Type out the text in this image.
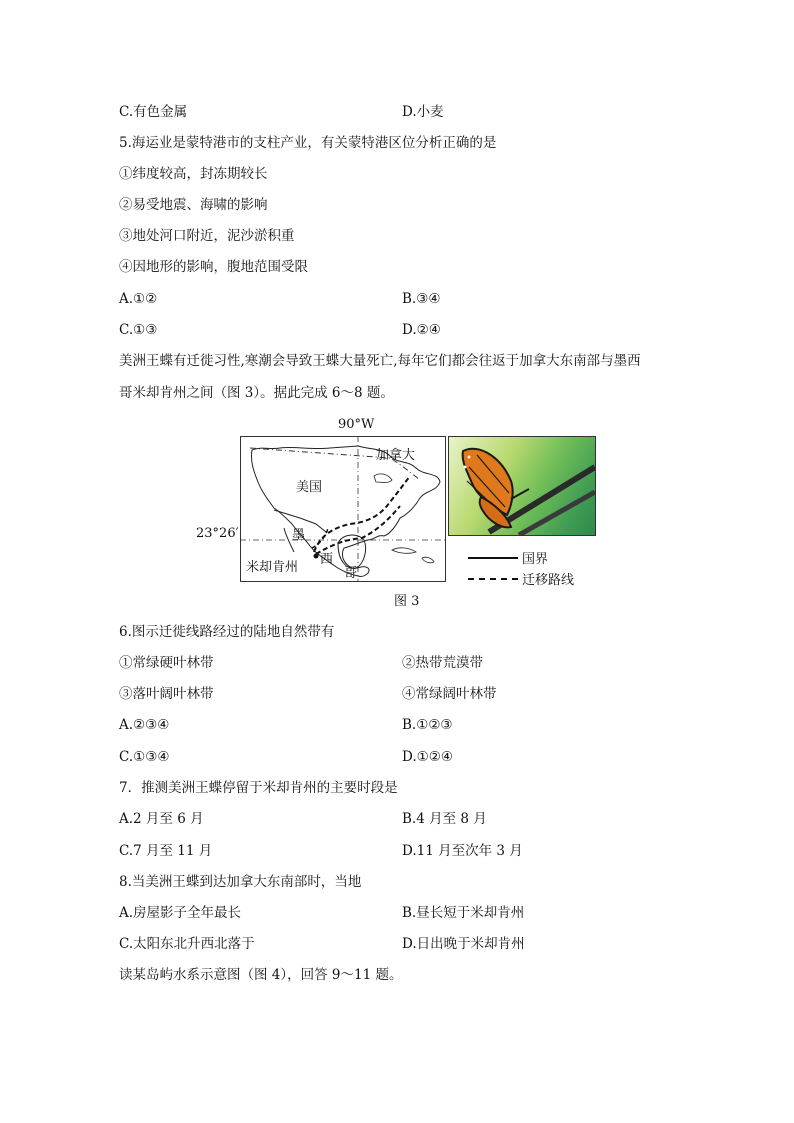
C.有色金属	D.小麦
5.海运业是蒙特港市的支柱产业，有关蒙特港区位分析正确的是
①纬度较高，封冻期较长
②易受地震、海啸的影响
③地处河口附近，泥沙淤积重
④因地形的影响，腹地范围受限
A.①②	B.③④
C.①③	D.②④
美洲王蝶有迁徙习性,寒潮会导致王蝶大量死亡,每年它们都会往返于加拿大东南部与墨西
哥米却肯州之间（图 3）。据此完成 6～8 题。
90°W
23°26′
加拿大
美国
墨
西
哥
米却肯州
国界
迁移路线
图 3
6.图示迁徙线路经过的陆地自然带有
①常绿硬叶林带	②热带荒漠带
③落叶阔叶林带	④常绿阔叶林带
A.②③④	B.①②③
C.①③④	D.①②④
7．推测美洲王蝶停留于米却肯州的主要时段是
A.2 月至 6 月	B.4 月至 8 月
C.7 月至 11 月	D.11 月至次年 3 月
8.当美洲王蝶到达加拿大东南部时，当地
A.房屋影子全年最长	B.昼长短于米却肯州
C.太阳东北升西北落于	D.日出晚于米却肯州
读某岛屿水系示意图（图 4），回答 9～11 题。
